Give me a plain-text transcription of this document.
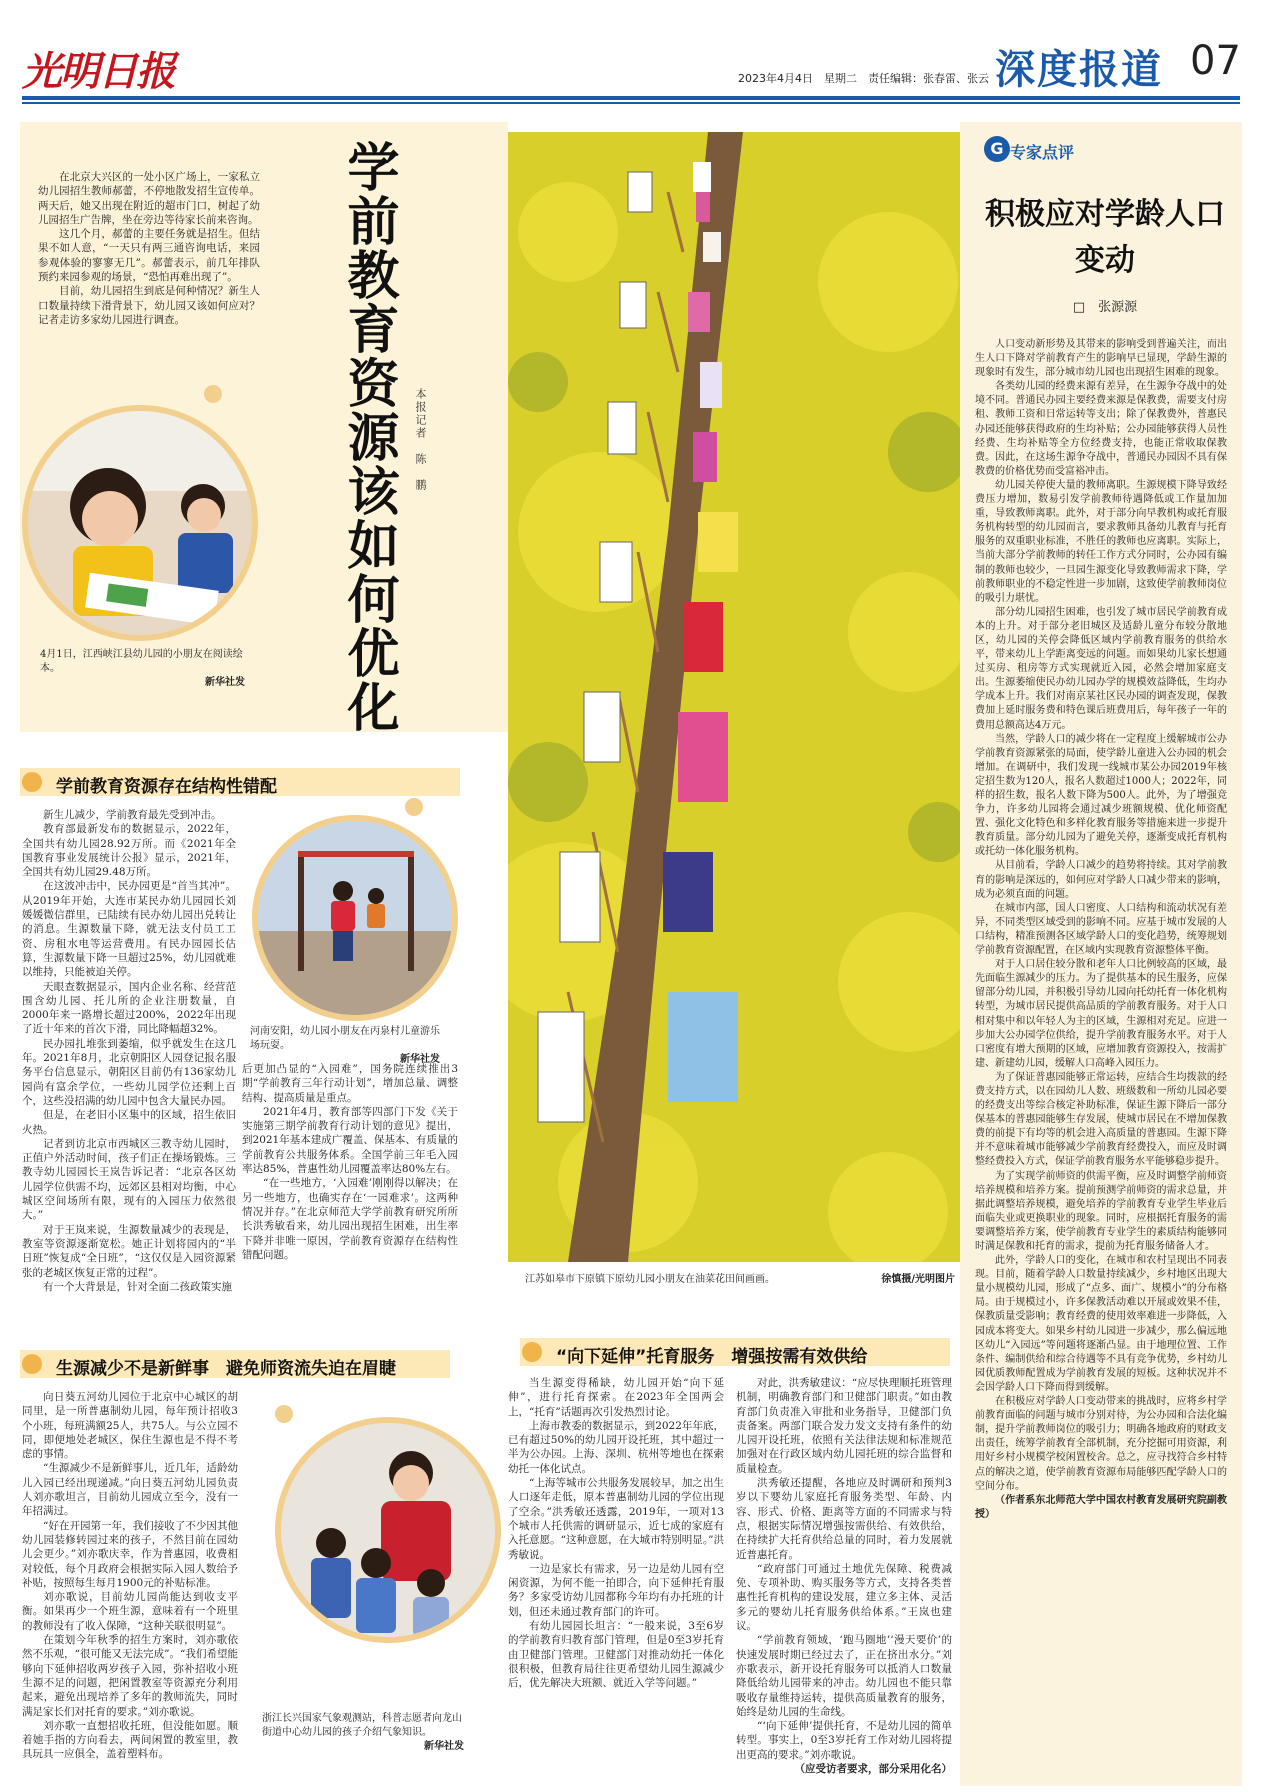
光明日报	2023年4月4日　星期二　责任编辑：张春雷、张云 深度报道 07

在北京大兴区的一处小区广场上，一家私立幼儿园招生教师郝蕾，不停地散发招生宣传单。两天后，她又出现在附近的超市门口，树起了幼儿园招生广告牌，坐在旁边等待家长前来咨询。

这几个月，郝蕾的主要任务就是招生。但结果不如人意，“一天只有两三通咨询电话，来园参观体验的寥寥无几”。郝蕾表示，前几年排队预约来园参观的场景，“恐怕再难出现了”。

目前，幼儿园招生到底是何种情况？新生人口数量持续下滑背景下，幼儿园又该如何应对？记者走访多家幼儿园进行调查。	学前教育资源该如何优化 本报记者　陈　鹏
4月1日，江西峡江县幼儿园的小朋友在阅读绘本。
新华社发
学前教育资源存在结构性错配

新生儿减少，学前教育最先受到冲击。

教育部最新发布的数据显示，2022年，全国共有幼儿园28.92万所。而《2021年全国教育事业发展统计公报》显示，2021年，全国共有幼儿园29.48万所。

在这波冲击中，民办园更是“首当其冲”。从2019年开始，大连市某民办幼儿园园长刘媛媛微信群里，已陆续有民办幼儿园出兑转让的消息。生源数量下降，就无法支付员工工资、房租水电等运营费用。有民办园园长估算，生源数量下降一旦超过25%，幼儿园就难以维持，只能被迫关停。

天眼查数据显示，国内企业名称、经营范围含幼儿园、托儿所的企业注册数量，自2000年来一路增长超过200%，2022年出现了近十年来的首次下滑，同比降幅超32%。

民办园扎堆张到萎缩，似乎就发生在这几年。2021年8月，北京朝阳区人园登记报名服务平台信息显示，朝阳区目前仍有136家幼儿园尚有富余学位，一些幼儿园学位还剩上百个，这些没招满的幼儿园中包含大量民办园。

但是，在老旧小区集中的区域，招生依旧火热。

记者到访北京市西城区三教寺幼儿园时，正值户外活动时间，孩子们正在操场锻炼。三教寺幼儿园园长王岚告诉记者：“北京各区幼儿园学位供需不均，远郊区县相对均衡，中心城区空间场所有限，现有的入园压力依然很大。”

对于王岚来说，生源数量减少的表现是，教室等资源逐渐宽松。她正计划将园内的“半日班”恢复成“全日班”，“这仅仅是入园资源紧张的老城区恢复正常的过程”。

有一个大背景是，针对全面二孩政策实施

河南安阳，幼儿园小朋友在丙泉村儿童游乐场玩耍。
新华社发

后更加凸显的“入园难”，国务院连续推出3期“学前教育三年行动计划”，增加总量、调整结构、提高质量是重点。

2021年4月，教育部等四部门下发《关于实施第三期学前教育行动计划的意见》提出，到2021年基本建成广覆盖、保基本、有质量的学前教育公共服务体系。全国学前三年毛入园率达85%，普惠性幼儿园覆盖率达80%左右。

“在一些地方，‘入园难’刚刚得以解决；在另一些地方，也确实存在‘一园难求’。这两种情况并存。”在北京师范大学学前教育研究所所长洪秀敏看来，幼儿园出现招生困难，出生率下降并非唯一原因，学前教育资源存在结构性错配问题。

生源减少不是新鲜事　避免师资流失迫在眉睫

向日葵五河幼儿园位于北京中心城区的胡同里，是一所普惠制幼儿园，每年预计招收3个小班，每班满额25人，共75人。与公立园不同，即便地处老城区，保住生源也是不得不考虑的事情。

“生源减少不是新鲜事儿，近几年，适龄幼儿入园已经出现递减。”向日葵五河幼儿园负责人刘亦歌坦言，目前幼儿园成立至今，没有一年招满过。

“好在开园第一年，我们接收了不少因其他幼儿园装修转园过来的孩子，不然目前在园幼儿会更少。”刘亦歌庆幸，作为普惠园，收费相对较低，每个月政府会根据实际入园人数给予补贴，按照每生每月1900元的补贴标准。

刘亦歌说，目前幼儿园尚能达到收支平衡。如果再少一个班生源，意味着有一个班里的教师没有了收入保障，“这种关联很明显”。

在策划今年秋季的招生方案时，刘亦歌依然不乐观，“很可能又无法完成”。“我们希望能够向下延伸招收两岁孩子入园，弥补招收小班生源不足的问题，把闲置教室等资源充分利用起来，避免出现培养了多年的教师流失，同时满足家长们对托育的要求。”刘亦歌说。

刘亦歌一直想招收托班，但没能如愿。顺着她手指的方向看去，两间闲置的教室里，教具玩具一应俱全，盖着塑料布。

浙江长兴国家气象观测站，科普志愿者向龙山街道中心幼儿园的孩子介绍气象知识。
新华社发
江苏如皋市下原镇下原幼儿园小朋友在油菜花田间画画。	徐慎摄/光明图片
“向下延伸”托育服务　增强按需有效供给

当生源变得稀缺，幼儿园开始“向下延伸”，进行托育探索。在2023年全国两会上，“托育”话题再次引发热烈讨论。

上海市教委的数据显示，到2022年年底，已有超过50%的幼儿园开设托班，其中超过一半为公办园。上海、深圳、杭州等地也在探索幼托一体化试点。

“上海等城市公共服务发展较早，加之出生人口逐年走低，原本普惠制幼儿园的学位出现了空余。”洪秀敏还透露，2019年，一项对13个城市人托供需的调研显示，近七成的家庭有入托意愿。“这种意愿，在大城市特别明显。”洪秀敏说。

一边是家长有需求，另一边是幼儿园有空闲资源，为何不能一拍即合，向下延伸托育服务？多家受访幼儿园都称今年均有办托班的计划，但还未通过教育部门的许可。

有幼儿园园长坦言：“一般来说，3至6岁的学前教育归教育部门管理，但是0至3岁托育由卫健部门管理。卫健部门对推动幼托一体化很积极，但教育局往往更希望幼儿园生源减少后，优先解决大班额、就近入学等问题。”

对此，洪秀敏建议：“应尽快理顺托班管理机制，明确教育部门和卫健部门职责。”如由教育部门负责准入审批和业务指导，卫健部门负责备案。两部门联合发力发文支持有条件的幼儿园开设托班，依照有关法律法规和标准规范加强对在行政区域内幼儿园托班的综合监督和质量检查。

洪秀敏还提醒，各地应及时调研和预判3岁以下婴幼儿家庭托育服务类型、年龄、内容、形式、价格、距离等方面的不同需求与特点，根据实际情况增强按需供给、有效供给，在持续扩大托育供给总量的同时，着力发展就近普惠托育。

“政府部门可通过土地优先保障、税费减免、专项补助、购买服务等方式，支持各类普惠性托育机构的建设发展，建立多主体、灵活多元的婴幼儿托育服务供给体系。”王岚也建议。

“学前教育领域，‘跑马圈地’‘漫天要价’的快速发展时期已经过去了，正在挤出水分。”刘亦歌表示，新开设托育服务可以抵消人口数量降低给幼儿园带来的冲击。幼儿园也不能只靠吸收存量维持运转，提供高质量教育的服务，始终是幼儿园的生命线。

“‘向下延伸’提供托育，不是幼儿园的简单转型。事实上，0至3岁托育工作对幼儿园将提出更高的要求。”刘亦歌说。

（应受访者要求，部分采用化名）

G 专家点评
积极应对学龄人口变动
□　张源源

人口变动新形势及其带来的影响受到普遍关注，而出生人口下降对学前教育产生的影响早已显现，学龄生源的现象时有发生，部分城市幼儿园也出现招生困难的现象。

各类幼儿园的经费来源有差异，在生源争夺战中的处境不同。普通民办园主要经费来源是保教费，需要支付房租、教师工资和日常运转等支出；除了保教费外，普惠民办园还能够获得政府的生均补贴；公办园能够获得人员性经费、生均补贴等全方位经费支持，也能正常收取保教费。因此，在这场生源争夺战中，普通民办园因不具有保教费的价格优势而受富裕冲击。

幼儿园关停使大量的教师离职。生源规模下降导致经费压力增加，数易引发学前教师待遇降低或工作量加加重，导致教师离职。此外，对于部分向早教机构或托育服务机构转型的幼儿园而言，要求教师具备幼儿教育与托育服务的双重职业标准，不胜任的教师也应离职。实际上，当前大部分学前教师的转任工作方式分同时，公办园有编制的教师也较少，一旦园生源变化导致教师需求下降，学前教师职业的不稳定性进一步加剧，这致使学前教师岗位的吸引力堪忧。

部分幼儿园招生困难，也引发了城市居民学前教育成本的上升。对于部分老旧城区及适龄儿童分布较分散地区，幼儿园的关停会降低区域内学前教育服务的供给水平，带来幼儿上学距离变远的问题。而如果幼儿家长想通过买房、租房等方式实现就近入园，必然会增加家庭支出。生源萎缩使民办幼儿园办学的规模效益降低，生均办学成本上升。我们对南京某社区民办园的调查发现，保教费加上延时服务费和特色课后班费用后，每年孩子一年的费用总额高达4万元。

当然，学龄人口的减少将在一定程度上缓解城市公办学前教育资源紧张的局面，使学龄儿童进入公办园的机会增加。在调研中，我们发现一线城市某公办园2019年核定招生数为120人，报名人数超过1000人；2022年，同样的招生数，报名人数下降为500人。此外，为了增强竞争力，许多幼儿园将会通过减少班额规模、优化师资配置、强化文化特色和多样化教育服务等措施来进一步提升教育质量。部分幼儿园为了避免关停，逐渐变成托育机构或托幼一体化服务机构。

从目前看，学龄人口减少的趋势将持续。其对学前教育的影响是深远的，如何应对学龄人口减少带来的影响，成为必须直面的问题。

在城市内部，国人口密度、人口结构和流动状况有差异，不同类型区域受到的影响不同。应基于城市发展的人口结构，精准预测各区域学龄人口的变化趋势，统筹规划学前教育资源配置，在区域内实现教育资源整体平衡。

对于人口居住较分散和老年人口比例较高的区域，最先面临生源减少的压力。为了提供基本的民生服务，应保留部分幼儿园，并积极引导幼儿园向托幼托育一体化机构转型，为城市居民提供高品质的学前教育服务。对于人口相对集中和以年轻人为主的区域，生源相对充足。应进一步加大公办园学位供给，提升学前教育服务水平。对于人口密度有增大预期的区域，应增加教育资源投入，按需扩建、新建幼儿园，缓解人口高峰入园压力。

为了保证普惠园能够正常运转，应结合生均拨款的经费支持方式，以在园幼儿人数、班级数和一所幼儿园必要的经费支出等综合核定补助标准，保证生源下降后一部分保基本的普惠园能够生存发展，使城市居民在不增加保教费的前提下有均等的机会进入高质量的普惠园。生源下降并不意味着城市能够减少学前教育经费投入，而应及时调整经费投入方式，保证学前教育服务水平能够稳步提升。

为了实现学前师资的供需平衡，应及时调整学前师资培养规模和培养方案。提前预测学前师资的需求总量，并据此调整培养规模，避免培养的学前教育专业学生毕业后面临失业或更换职业的现象。同时，应根据托育服务的需要调整培养方案，使学前教育专业学生的素质结构能够同时满足保教和托育的需求，提前为托育服务储备人才。

此外，学龄人口的变化，在城市和农村呈现出不同表现。目前，随着学龄人口数量持续减少，乡村地区出现大量小规模幼儿园，形成了“点多、面广、规模小”的分布格局。由于规模过小，许多保教活动难以开展或效果不佳，保教质量受影响；教育经费的使用效率难进一步降低，入园成本将变大。如果乡村幼儿园进一步减少，那么偏远地区幼儿“入园远”等问题将逐渐凸显。由于地理位置、工作条件、编制供给和综合待遇等不具有竞争优势，乡村幼儿园优质教师配置成为学前教育发展的短板。这种状况并不会因学龄人口下降而得到缓解。

在积极应对学龄人口变动带来的挑战时，应将乡村学前教育面临的问题与城市分别对待，为公办园和合法化编制，提升学前教师岗位的吸引力；明确各地政府的财政支出责任，统筹学前教育全部机制，充分挖掘可用资源，利用好乡村小规模学校闲置校舍。总之，应寻找符合乡村特点的解决之道，使学前教育资源布局能够匹配学龄人口的空间分布。

（作者系东北师范大学中国农村教育发展研究院副教授）
